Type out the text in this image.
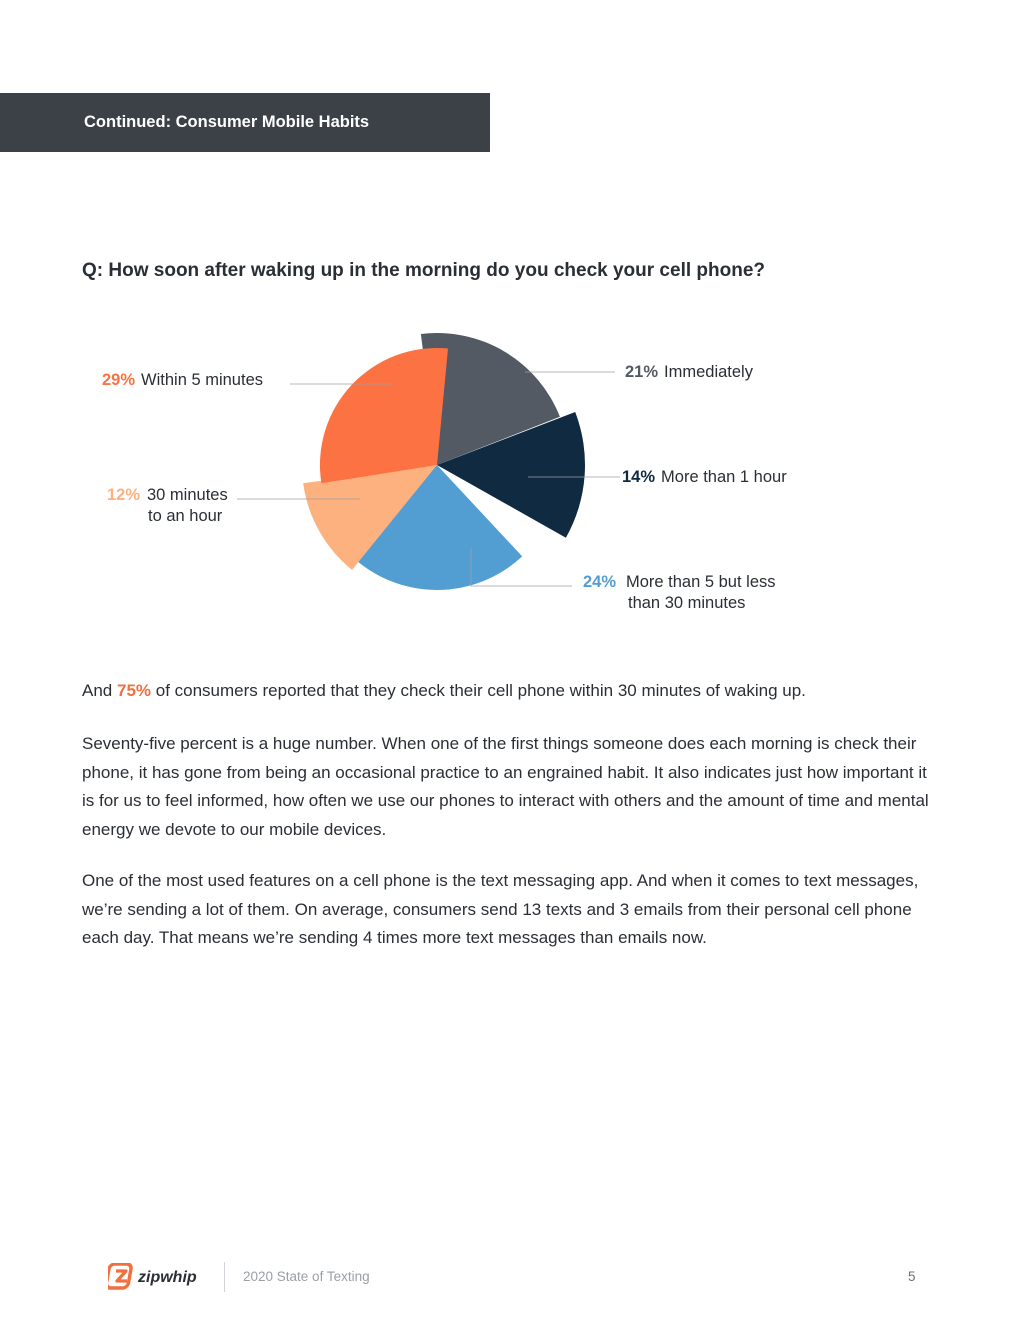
Continued: Consumer Mobile Habits
Q: How soon after waking up in the morning do you check your cell phone?
21% Immediately
14% More than 1 hour
24% More than 5 but less
than 30 minutes
12% 30 minutes
to an hour
29% Within 5 minutes

And 75% of consumers reported that they check their cell phone within 30 minutes of waking up.

Seventy-five percent is a huge number. When one of the first things someone does each morning is check their phone, it has gone from being an occasional practice to an engrained habit. It also indicates just how important it is for us to feel informed, how often we use our phones to interact with others and the amount of time and mental energy we devote to our mobile devices.

One of the most used features on a cell phone is the text messaging app. And when it comes to text messages, we’re sending a lot of them. On average, consumers send 13 texts and 3 emails from their personal cell phone each day. That means we’re sending 4 times more text messages than emails now.

zipwhip	2020 State of Texting	5
